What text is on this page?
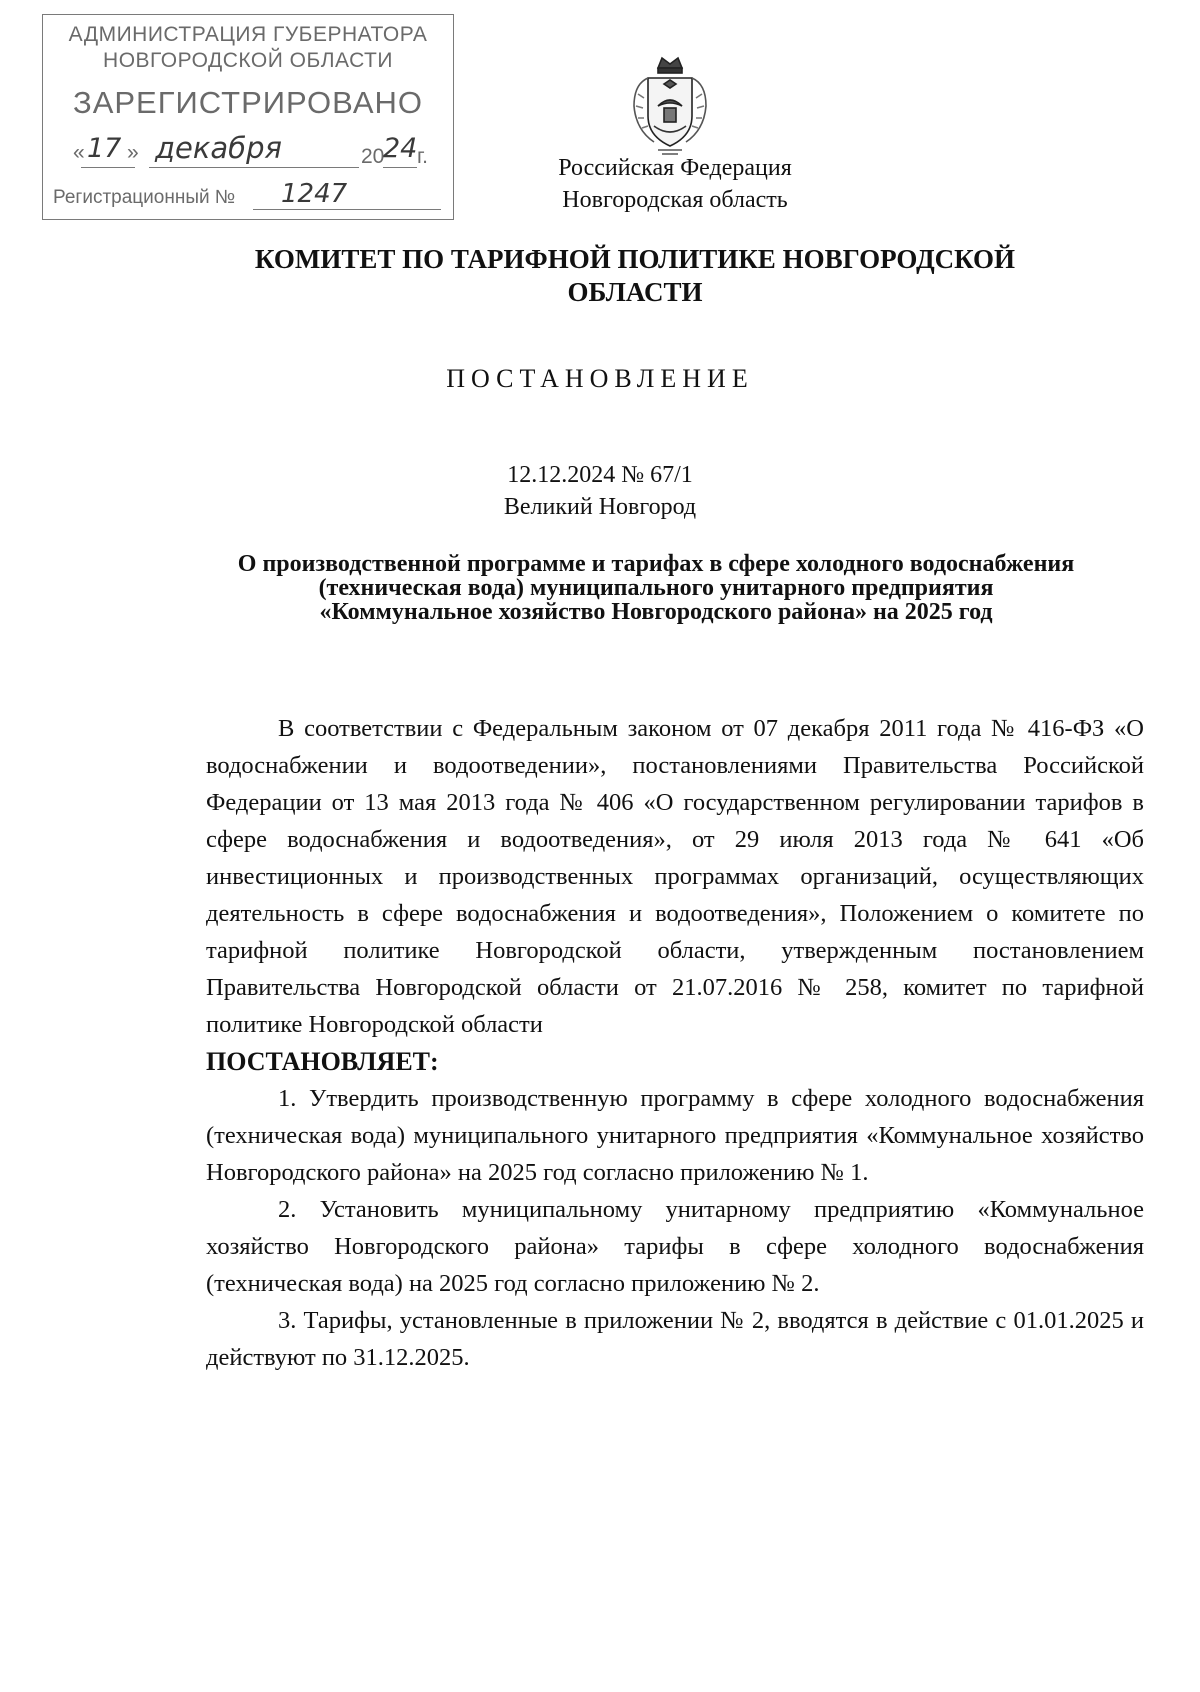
АДМИНИСТРАЦИЯ ГУБЕРНАТОРА
НОВГОРОДСКОЙ ОБЛАСТИ
ЗАРЕГИСТРИРОВАНО
« 17 » декабря	20
24 г.
Регистрационный № 1247
Российская Федерация
Новгородская область
КОМИТЕТ ПО ТАРИФНОЙ ПОЛИТИКЕ НОВГОРОДСКОЙ ОБЛАСТИ
ПОСТАНОВЛЕНИЕ
12.12.2024 № 67/1
Великий Новгород
О производственной программе и тарифах в сфере холодного водоснабжения (техническая вода) муниципального унитарного предприятия «Коммунальное хозяйство Новгородского района» на 2025 год

В соответствии с Федеральным законом от 07 декабря 2011 года № 416-ФЗ «О водоснабжении и водоотведении», постановлениями Правительства Российской Федерации от 13 мая 2013 года № 406 «О государственном регулировании тарифов в сфере водоснабжения и водоотведения», от 29 июля 2013 года № 641 «Об инвестиционных и производственных программах организаций, осуществляющих деятельность в сфере водоснабжения и водоотведения», Положением о комитете по тарифной политике Новгородской области, утвержденным постановлением Правительства Новгородской области от 21.07.2016 № 258, комитет по тарифной политике Новгородской области

ПОСТАНОВЛЯЕТ:

1. Утвердить производственную программу в сфере холодного водоснабжения (техническая вода) муниципального унитарного предприятия «Коммунальное хозяйство Новгородского района» на 2025 год согласно приложению № 1.

2. Установить муниципальному унитарному предприятию «Коммунальное хозяйство Новгородского района» тарифы в сфере холодного водоснабжения (техническая вода) на 2025 год согласно приложению № 2.

3. Тарифы, установленные в приложении № 2, вводятся в действие с 01.01.2025 и действуют по 31.12.2025.
